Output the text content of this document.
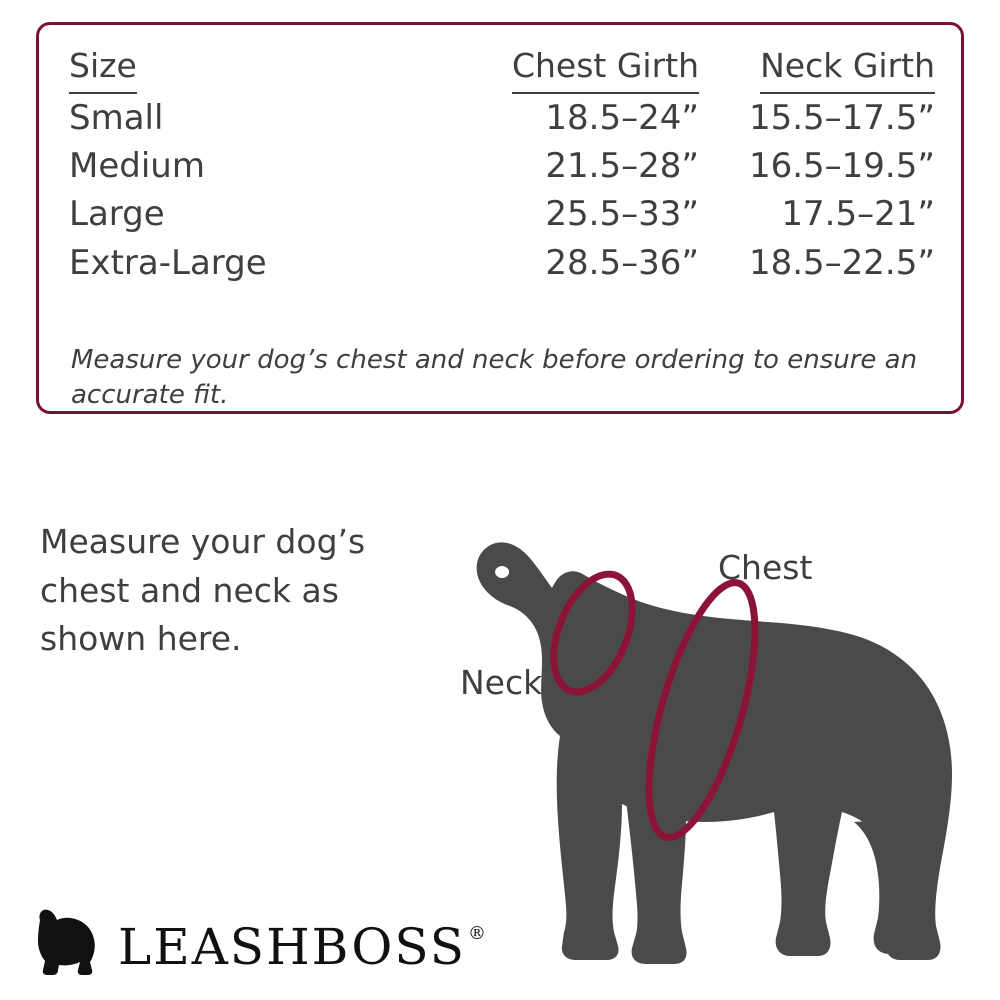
Size	Chest Girth	Neck Girth
Small	18.5–24”	15.5–17.5”
Medium	21.5–28”	16.5–19.5”
Large	25.5–33”	17.5–21”
Extra-Large	28.5–36”	18.5–22.5”
Measure your dog’s chest and neck before ordering to ensure an accurate fit.
Measure your dog’s chest and neck as shown here.
Chest
Neck
LEASHBOSS ®
